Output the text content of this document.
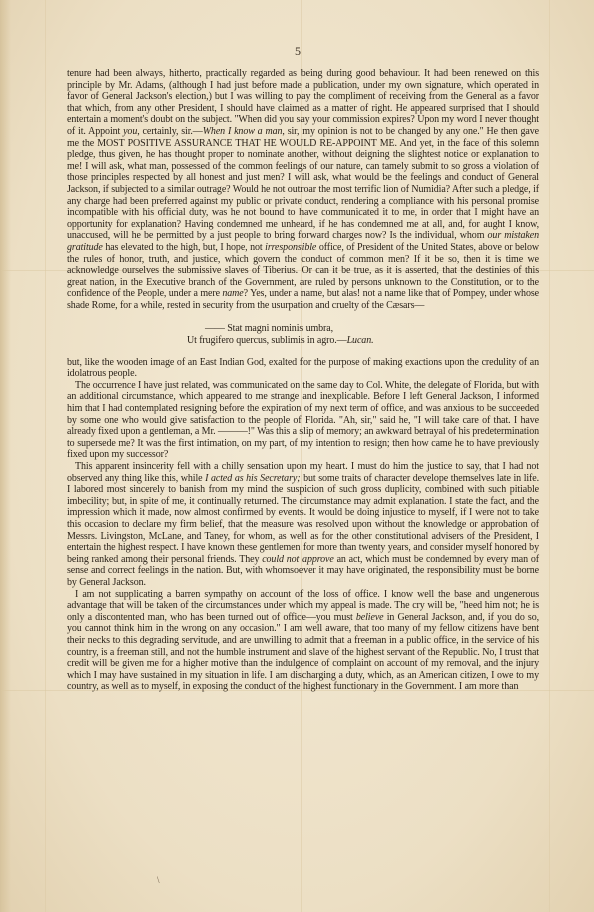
5

tenure had been always, hitherto, practically regarded as being during good behaviour. It had been renewed on this principle by Mr. Adams, (although I had just before made a publication, under my own signature, which operated in favor of General Jackson's election,) but I was willing to pay the compliment of receiving from the General as a favor that which, from any other President, I should have claimed as a matter of right. He appeared surprised that I should entertain a moment's doubt on the subject. "When did you say your commission expires? Upon my word I never thought of it. Appoint you, certainly, sir.—When I know a man, sir, my opinion is not to be changed by any one." He then gave me the MOST POSITIVE ASSURANCE THAT HE WOULD RE-APPOINT ME. And yet, in the face of this solemn pledge, thus given, he has thought proper to nominate another, without deigning the slightest notice or explanation to me! I will ask, what man, possessed of the common feelings of our nature, can tamely submit to so gross a violation of those principles respected by all honest and just men? I will ask, what would be the feelings and conduct of General Jackson, if subjected to a similar outrage? Would he not outroar the most terrific lion of Numidia? After such a pledge, if any charge had been preferred against my public or private conduct, rendering a compliance with his personal promise incompatible with his official duty, was he not bound to have communicated it to me, in order that I might have an opportunity for explanation? Having condemned me unheard, if he has condemned me at all, and, for aught I know, unaccused, will he be permitted by a just people to bring forward charges now? Is the individual, whom our mistaken gratitude has elevated to the high, but, I hope, not irresponsible office, of President of the United States, above or below the rules of honor, truth, and justice, which govern the conduct of common men? If it be so, then it is time we acknowledge ourselves the submissive slaves of Tiberius. Or can it be true, as it is asserted, that the destinies of this great nation, in the Executive branch of the Government, are ruled by persons unknown to the Constitution, or to the confidence of the People, under a mere name? Yes, under a name, but alas! not a name like that of Pompey, under whose shade Rome, for a while, rested in security from the usurpation and cruelty of the Cæsars—

—— Stat magni nominis umbra,
Ut frugifero quercus, sublimis in agro.—Lucan.

but, like the wooden image of an East Indian God, exalted for the purpose of making exactions upon the credulity of an idolatrous people.

The occurrence I have just related, was communicated on the same day to Col. White, the delegate of Florida, but with an additional circumstance, which appeared to me strange and inexplicable. Before I left General Jackson, I informed him that I had contemplated resigning before the expiration of my next term of office, and was anxious to be succeeded by some one who would give satisfaction to the people of Florida. "Ah, sir," said he, "I will take care of that. I have already fixed upon a gentleman, a Mr. ———!" Was this a slip of memory; an awkward betrayal of his predetermination to supersede me? It was the first intimation, on my part, of my intention to resign; then how came he to have previously fixed upon my successor?

This apparent insincerity fell with a chilly sensation upon my heart. I must do him the justice to say, that I had not observed any thing like this, while I acted as his Secretary; but some traits of character develope themselves late in life. I labored most sincerely to banish from my mind the suspicion of such gross duplicity, combined with such pitiable imbecility; but, in spite of me, it continually returned. The circumstance may admit explanation. I state the fact, and the impression which it made, now almost confirmed by events. It would be doing injustice to myself, if I were not to take this occasion to declare my firm belief, that the measure was resolved upon without the knowledge or approbation of Messrs. Livingston, McLane, and Taney, for whom, as well as for the other constitutional advisers of the President, I entertain the highest respect. I have known these gentlemen for more than twenty years, and consider myself honored by being ranked among their personal friends. They could not approve an act, which must be condemned by every man of sense and correct feelings in the nation. But, with whomsoever it may have originated, the responsibility must be borne by General Jackson.

I am not supplicating a barren sympathy on account of the loss of office. I know well the base and ungenerous advantage that will be taken of the circumstances under which my appeal is made. The cry will be, "heed him not; he is only a discontented man, who has been turned out of office—you must believe in General Jackson, and, if you do so, you cannot think him in the wrong on any occasion." I am well aware, that too many of my fellow citizens have bent their necks to this degrading servitude, and are unwilling to admit that a freeman in a public office, in the service of his country, is a freeman still, and not the humble instrument and slave of the highest servant of the Republic. No, I trust that credit will be given me for a higher motive than the indulgence of complaint on account of my removal, and the injury which I may have sustained in my situation in life. I am discharging a duty, which, as an American citizen, I owe to my country, as well as to myself, in exposing the conduct of the highest functionary in the Government. I am more than

\
